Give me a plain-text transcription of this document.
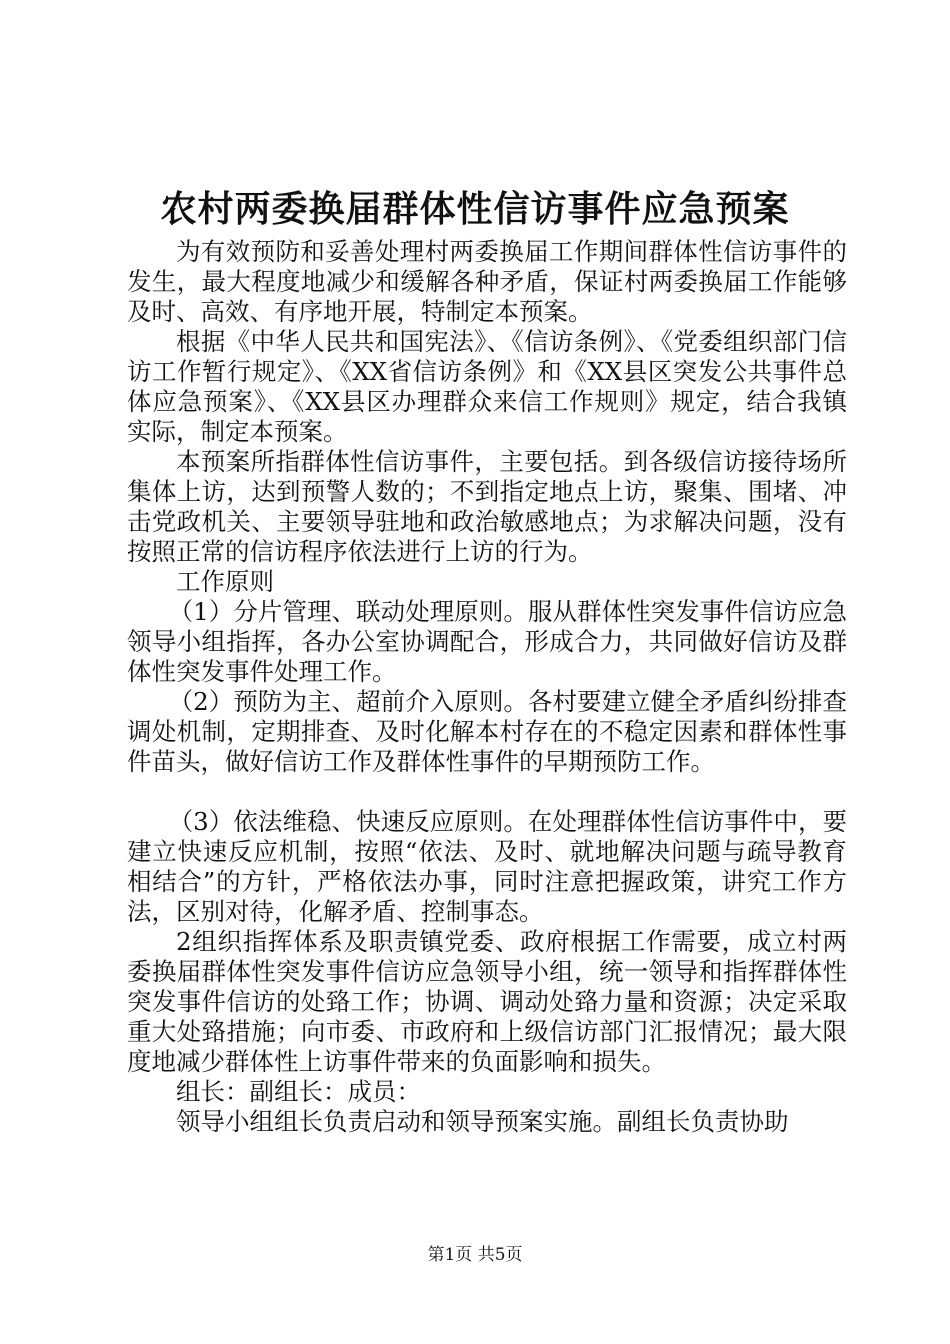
农村两委换届群体性信访事件应急预案

为有效预防和妥善处理村两委换届工作期间群体性信访事件的发生，最大程度地减少和缓解各种矛盾，保证村两委换届工作能够及时、高效、有序地开展，特制定本预案。

根据《中华人民共和国宪法》、《信访条例》、《党委组织部门信访工作暂行规定》、《XX省信访条例》和《XX县区突发公共事件总体应急预案》、《XX县区办理群众来信工作规则》规定，结合我镇实际，制定本预案。

本预案所指群体性信访事件，主要包括。到各级信访接待场所集体上访，达到预警人数的；不到指定地点上访，聚集、围堵、冲击党政机关、主要领导驻地和政治敏感地点；为求解决问题，没有按照正常的信访程序依法进行上访的行为。

工作原则

（1）分片管理、联动处理原则。服从群体性突发事件信访应急领导小组指挥，各办公室协调配合，形成合力，共同做好信访及群体性突发事件处理工作。

（2）预防为主、超前介入原则。各村要建立健全矛盾纠纷排查调处机制，定期排查、及时化解本村存在的不稳定因素和群体性事件苗头，做好信访工作及群体性事件的早期预防工作。

（3）依法维稳、快速反应原则。在处理群体性信访事件中，要建立快速反应机制，按照“依法、及时、就地解决问题与疏导教育相结合”的方针，严格依法办事，同时注意把握政策，讲究工作方法，区别对待，化解矛盾、控制事态。

2组织指挥体系及职责镇党委、政府根据工作需要，成立村两委换届群体性突发事件信访应急领导小组，统一领导和指挥群体性突发事件信访的处臵工作；协调、调动处臵力量和资源；决定采取重大处臵措施；向市委、市政府和上级信访部门汇报情况；最大限度地减少群体性上访事件带来的负面影响和损失。

组长：副组长：成员：

领导小组组长负责启动和领导预案实施。副组长负责协助

第1页 共5页
